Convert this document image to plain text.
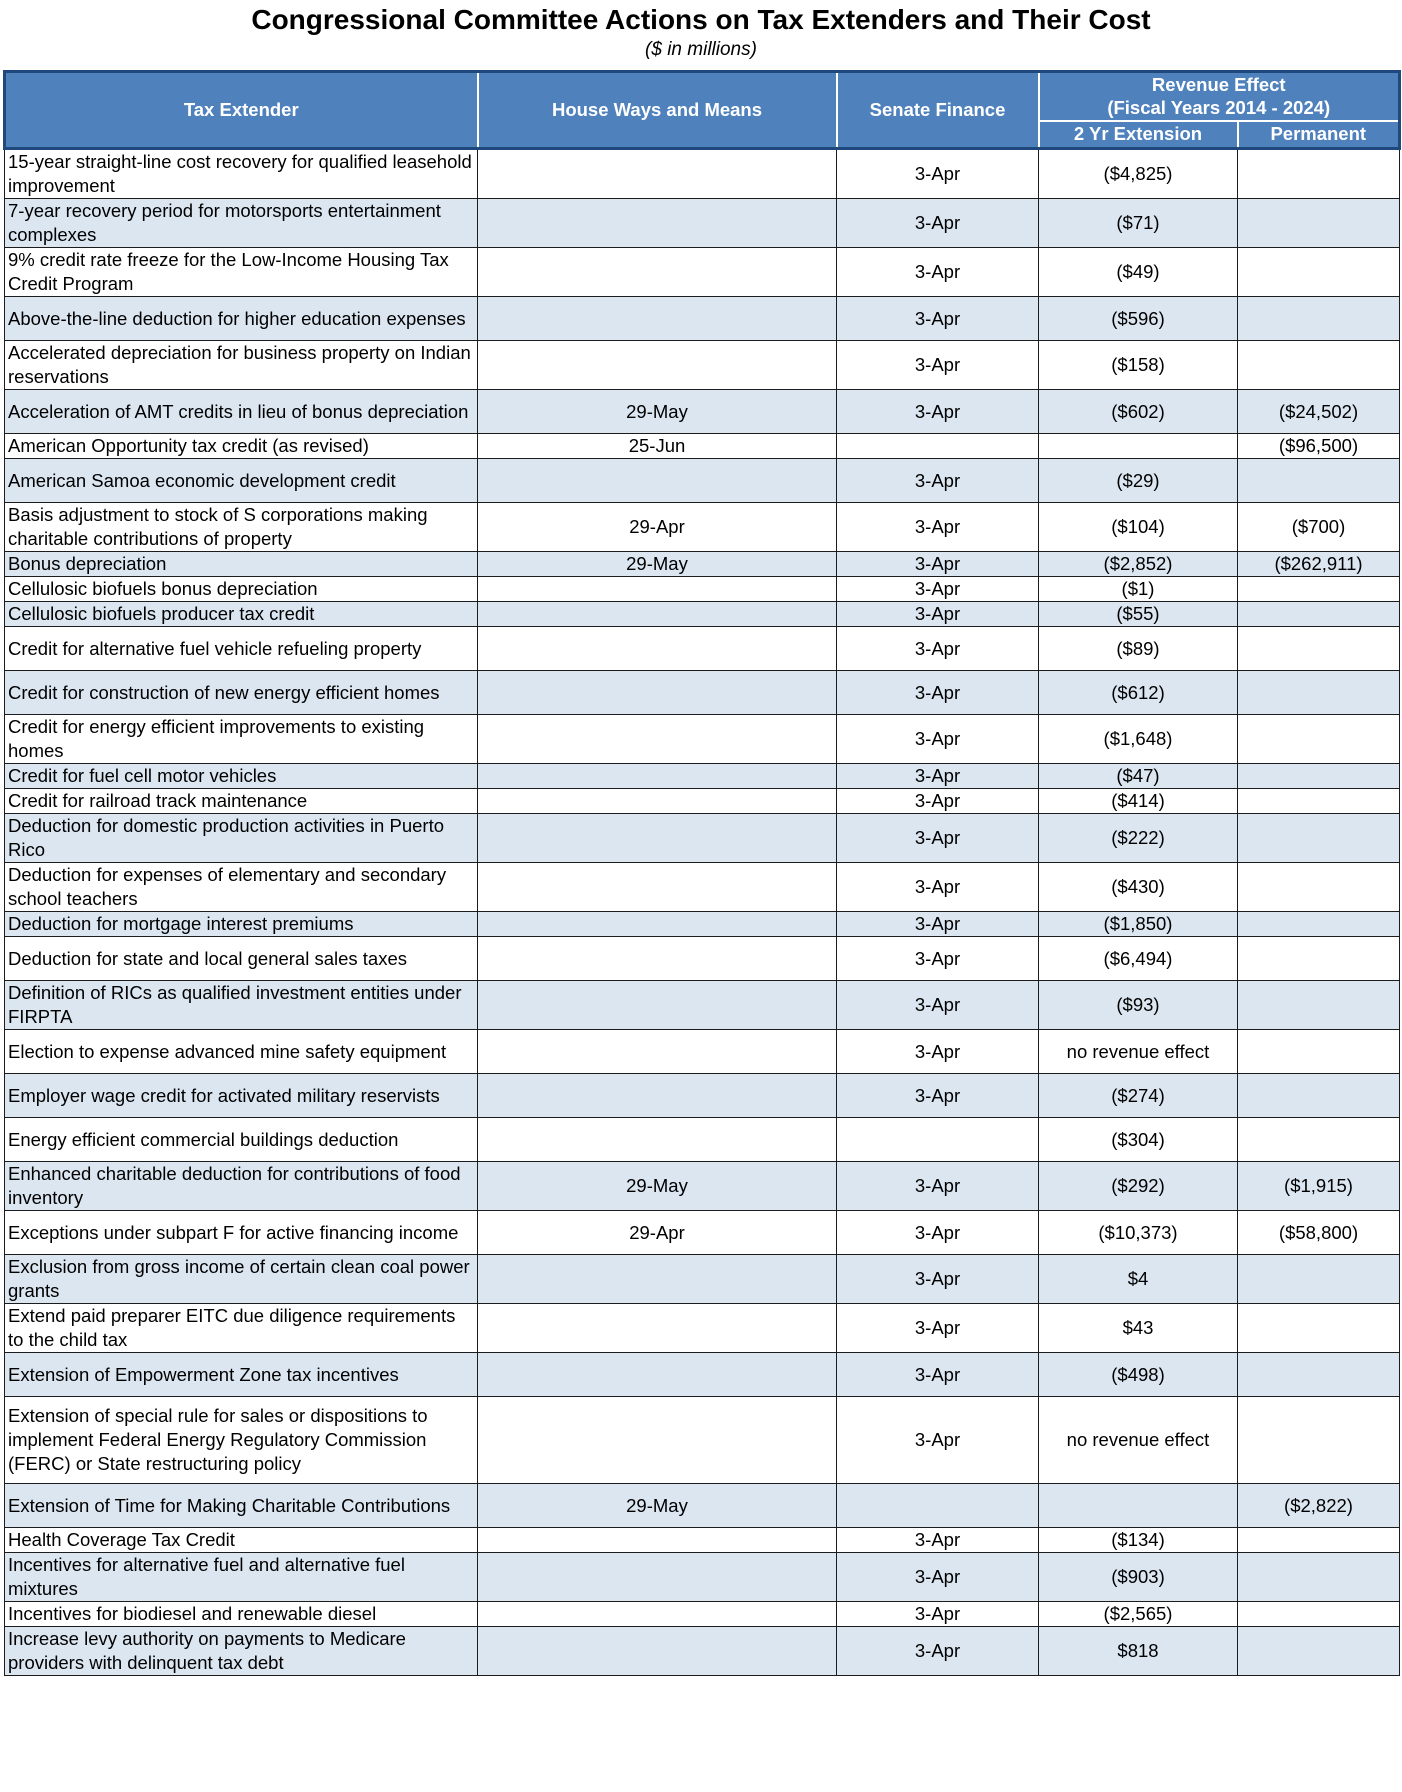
Congressional Committee Actions on Tax Extenders and Their Cost
($ in millions)
Tax Extender	House Ways and Means	Senate Finance	Revenue Effect
(Fiscal Years 2014 - 2024)	
			2 Yr Extension	Permanent
15-year straight-line cost recovery for qualified leasehold improvement		3-Apr	($4,825)	
7-year recovery period for motorsports entertainment complexes		3-Apr	($71)	
9% credit rate freeze for the Low-Income Housing Tax Credit Program		3-Apr	($49)	
Above-the-line deduction for higher education expenses		3-Apr	($596)	
Accelerated depreciation for business property on Indian reservations		3-Apr	($158)	
Acceleration of AMT credits in lieu of bonus depreciation	29-May	3-Apr	($602)	($24,502)
American Opportunity tax credit (as revised)	25-Jun			($96,500)
American Samoa economic development credit		3-Apr	($29)	
Basis adjustment to stock of S corporations making charitable contributions of property	29-Apr	3-Apr	($104)	($700)
Bonus depreciation	29-May	3-Apr	($2,852)	($262,911)
Cellulosic biofuels bonus depreciation		3-Apr	($1)	
Cellulosic biofuels producer tax credit		3-Apr	($55)	
Credit for alternative fuel vehicle refueling property		3-Apr	($89)	
Credit for construction of new energy efficient homes		3-Apr	($612)	
Credit for energy efficient improvements to existing homes		3-Apr	($1,648)	
Credit for fuel cell motor vehicles		3-Apr	($47)	
Credit for railroad track maintenance		3-Apr	($414)	
Deduction for domestic production activities in Puerto Rico		3-Apr	($222)	
Deduction for expenses of elementary and secondary school teachers		3-Apr	($430)	
Deduction for mortgage interest premiums		3-Apr	($1,850)	
Deduction for state and local general sales taxes		3-Apr	($6,494)	
Definition of RICs as qualified investment entities under FIRPTA		3-Apr	($93)	
Election to expense advanced mine safety equipment		3-Apr	no revenue effect	
Employer wage credit for activated military reservists		3-Apr	($274)	
Energy efficient commercial buildings deduction			($304)	
Enhanced charitable deduction for contributions of food inventory	29-May	3-Apr	($292)	($1,915)
Exceptions under subpart F for active financing income	29-Apr	3-Apr	($10,373)	($58,800)
Exclusion from gross income of certain clean coal power grants		3-Apr	$4	
Extend paid preparer EITC due diligence requirements to the child tax		3-Apr	$43	
Extension of Empowerment Zone tax incentives		3-Apr	($498)	
Extension of special rule for sales or dispositions to implement Federal Energy Regulatory Commission (FERC) or State restructuring policy		3-Apr	no revenue effect	
Extension of Time for Making Charitable Contributions	29-May			($2,822)
Health Coverage Tax Credit		3-Apr	($134)	
Incentives for alternative fuel and alternative fuel mixtures		3-Apr	($903)	
Incentives for biodiesel and renewable diesel		3-Apr	($2,565)	
Increase levy authority on payments to Medicare providers with delinquent tax debt		3-Apr	$818	
